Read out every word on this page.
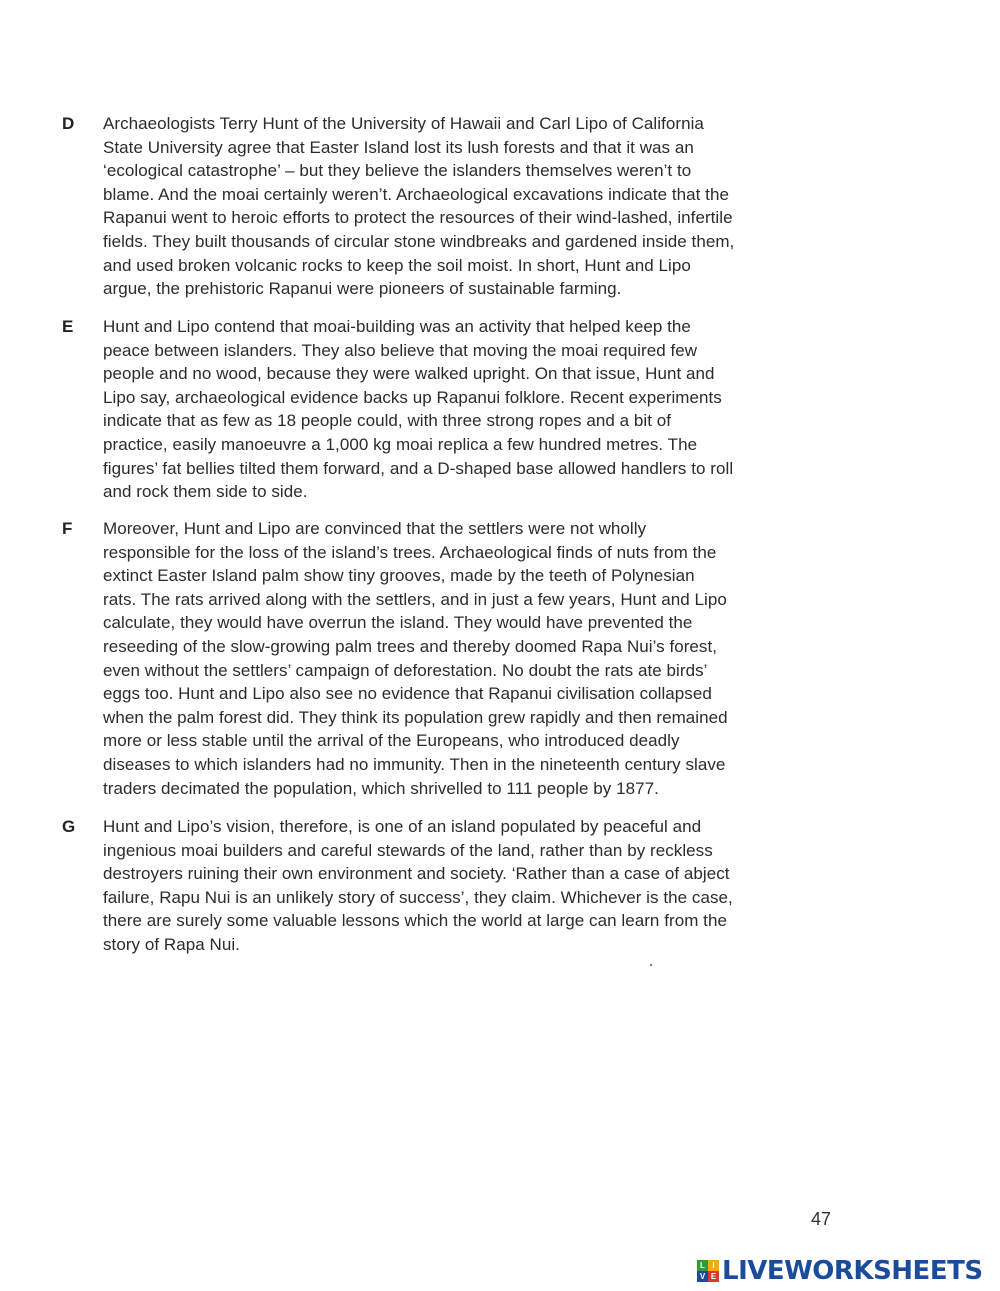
D Archaeologists Terry Hunt of the University of Hawaii and Carl Lipo of California
State University agree that Easter Island lost its lush forests and that it was an
‘ecological catastrophe’ – but they believe the islanders themselves weren’t to
blame. And the moai certainly weren’t. Archaeological excavations indicate that the
Rapanui went to heroic efforts to protect the resources of their wind-lashed, infertile
fields. They built thousands of circular stone windbreaks and gardened inside them,
and used broken volcanic rocks to keep the soil moist. In short, Hunt and Lipo
argue, the prehistoric Rapanui were pioneers of sustainable farming.
E Hunt and Lipo contend that moai-building was an activity that helped keep the
peace between islanders. They also believe that moving the moai required few
people and no wood, because they were walked upright. On that issue, Hunt and
Lipo say, archaeological evidence backs up Rapanui folklore. Recent experiments
indicate that as few as 18 people could, with three strong ropes and a bit of
practice, easily manoeuvre a 1,000 kg moai replica a few hundred metres. The
figures’ fat bellies tilted them forward, and a D-shaped base allowed handlers to roll
and rock them side to side.
F Moreover, Hunt and Lipo are convinced that the settlers were not wholly
responsible for the loss of the island’s trees. Archaeological finds of nuts from the
extinct Easter Island palm show tiny grooves, made by the teeth of Polynesian
rats. The rats arrived along with the settlers, and in just a few years, Hunt and Lipo
calculate, they would have overrun the island. They would have prevented the
reseeding of the slow-growing palm trees and thereby doomed Rapa Nui’s forest,
even without the settlers’ campaign of deforestation. No doubt the rats ate birds’
eggs too. Hunt and Lipo also see no evidence that Rapanui civilisation collapsed
when the palm forest did. They think its population grew rapidly and then remained
more or less stable until the arrival of the Europeans, who introduced deadly
diseases to which islanders had no immunity. Then in the nineteenth century slave
traders decimated the population, which shrivelled to 111 people by 1877.
G Hunt and Lipo’s vision, therefore, is one of an island populated by peaceful and
ingenious moai builders and careful stewards of the land, rather than by reckless
destroyers ruining their own environment and society. ‘Rather than a case of abject
failure, Rapu Nui is an unlikely story of success’, they claim. Whichever is the case,
there are surely some valuable lessons which the world at large can learn from the
story of Rapa Nui.
47
L I
V E LIVEWORKSHEETS
